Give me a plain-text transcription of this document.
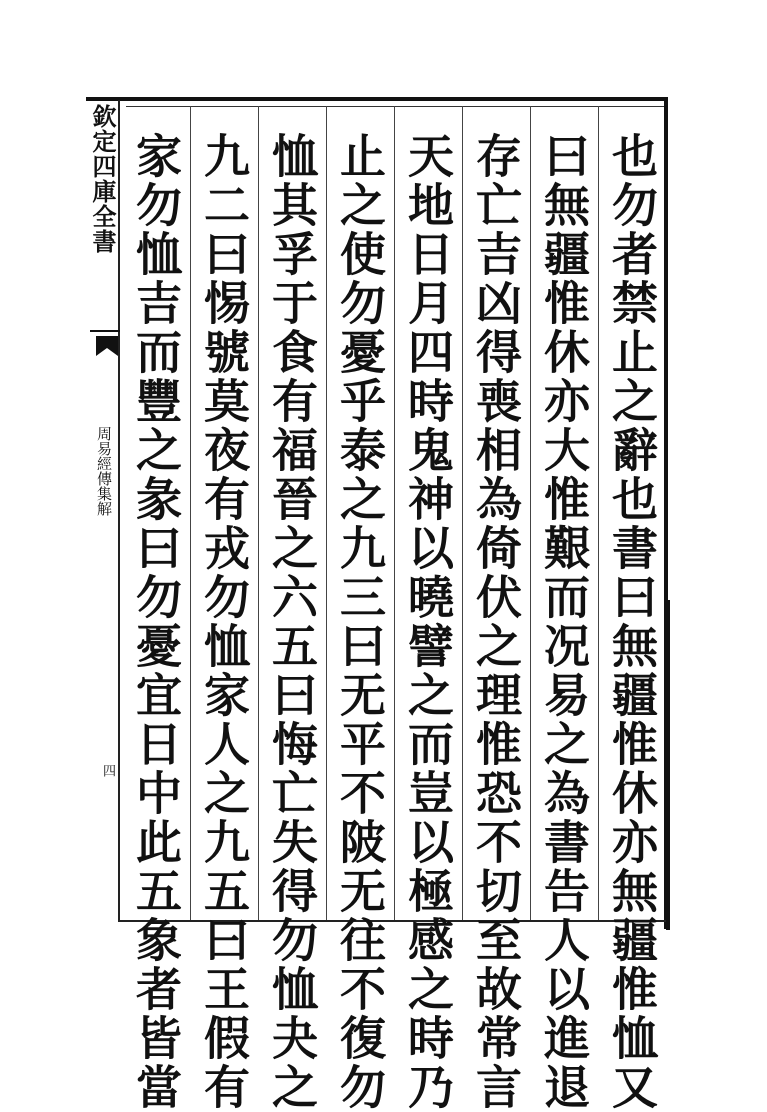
欽定四庫全書
周易經傳集解
四	也勿者禁止之辭也書曰無疆惟休亦無疆惟恤又
曰無疆惟休亦大惟艱而况易之為書告人以進退
存亡吉凶得喪相為倚伏之理惟恐不切至故常言
天地日月四時鬼神以曉譬之而豈以極感之時乃
止之使勿憂乎泰之九三曰无平不陂无往不復勿
恤其孚于食有福晉之六五曰悔亡失得勿恤夬之
九二曰惕號莫夜有戎勿恤家人之九五曰王假有
家勿恤吉而豐之彖曰勿憂宜日中此五象者皆當
